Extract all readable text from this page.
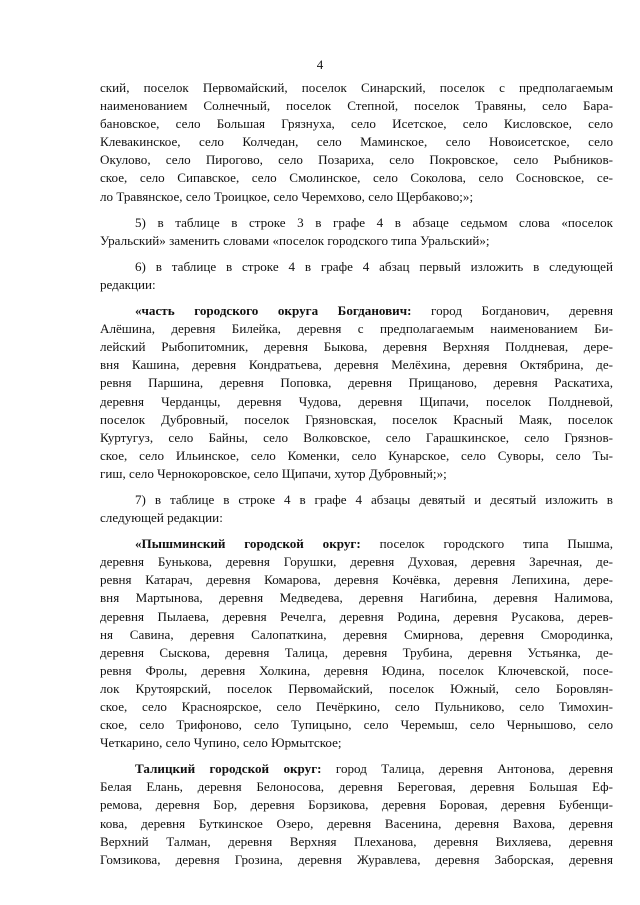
4
ский, поселок Первомайский, поселок Синарский, поселок с предполагаемым
наименованием Солнечный, поселок Степной, поселок Травяны, село Бара-
бановское, село Большая Грязнуха, село Исетское, село Кисловское, село
Клевакинское, село Колчедан, село Маминское, село Новоисетское, село
Окулово, село Пирогово, село Позариха, село Покровское, село Рыбников-
ское, село Сипавское, село Смолинское, село Соколова, село Сосновское, се-
ло Травянское, село Троицкое, село Черемхово, село Щербаково;»;
5) в таблице в строке 3 в графе 4 в абзаце седьмом слова «поселок
Уральский» заменить словами «поселок городского типа Уральский»;
6) в таблице в строке 4 в графе 4 абзац первый изложить в следующей
редакции:
«часть городского округа Богданович: город Богданович, деревня
Алёшина, деревня Билейка, деревня с предполагаемым наименованием Би-
лейский Рыбопитомник, деревня Быкова, деревня Верхняя Полдневая, дере-
вня Кашина, деревня Кондратьева, деревня Мелёхина, деревня Октябрина, де-
ревня Паршина, деревня Поповка, деревня Прищаново, деревня Раскатиха,
деревня Черданцы, деревня Чудова, деревня Щипачи, поселок Полдневой,
поселок Дубровный, поселок Грязновская, поселок Красный Маяк, поселок
Куртугуз, село Байны, село Волковское, село Гарашкинское, село Грязнов-
ское, село Ильинское, село Коменки, село Кунарское, село Суворы, село Ты-
гиш, село Чернокоровское, село Щипачи, хутор Дубровный;»;
7) в таблице в строке 4 в графе 4 абзацы девятый и десятый изложить в
следующей редакции:
«Пышминский городской округ: поселок городского типа Пышма,
деревня Бунькова, деревня Горушки, деревня Духовая, деревня Заречная, де-
ревня Катарач, деревня Комарова, деревня Кочёвка, деревня Лепихина, дере-
вня Мартынова, деревня Медведева, деревня Нагибина, деревня Налимова,
деревня Пылаева, деревня Речелга, деревня Родина, деревня Русакова, дерев-
ня Савина, деревня Салопаткина, деревня Смирнова, деревня Смородинка,
деревня Сыскова, деревня Талица, деревня Трубина, деревня Устьянка, де-
ревня Фролы, деревня Холкина, деревня Юдина, поселок Ключевской, посе-
лок Крутоярский, поселок Первомайский, поселок Южный, село Боровлян-
ское, село Красноярское, село Печёркино, село Пульниково, село Тимохин-
ское, село Трифоново, село Тупицыно, село Черемыш, село Чернышово, село
Четкарино, село Чупино, село Юрмытское;
Талицкий городской округ: город Талица, деревня Антонова, деревня
Белая Елань, деревня Белоносова, деревня Береговая, деревня Большая Еф-
ремова, деревня Бор, деревня Борзикова, деревня Боровая, деревня Бубенщи-
кова, деревня Буткинское Озеро, деревня Васенина, деревня Вахова, деревня
Верхний Талман, деревня Верхняя Плеханова, деревня Вихляева, деревня
Гомзикова, деревня Грозина, деревня Журавлева, деревня Заборская, деревня
